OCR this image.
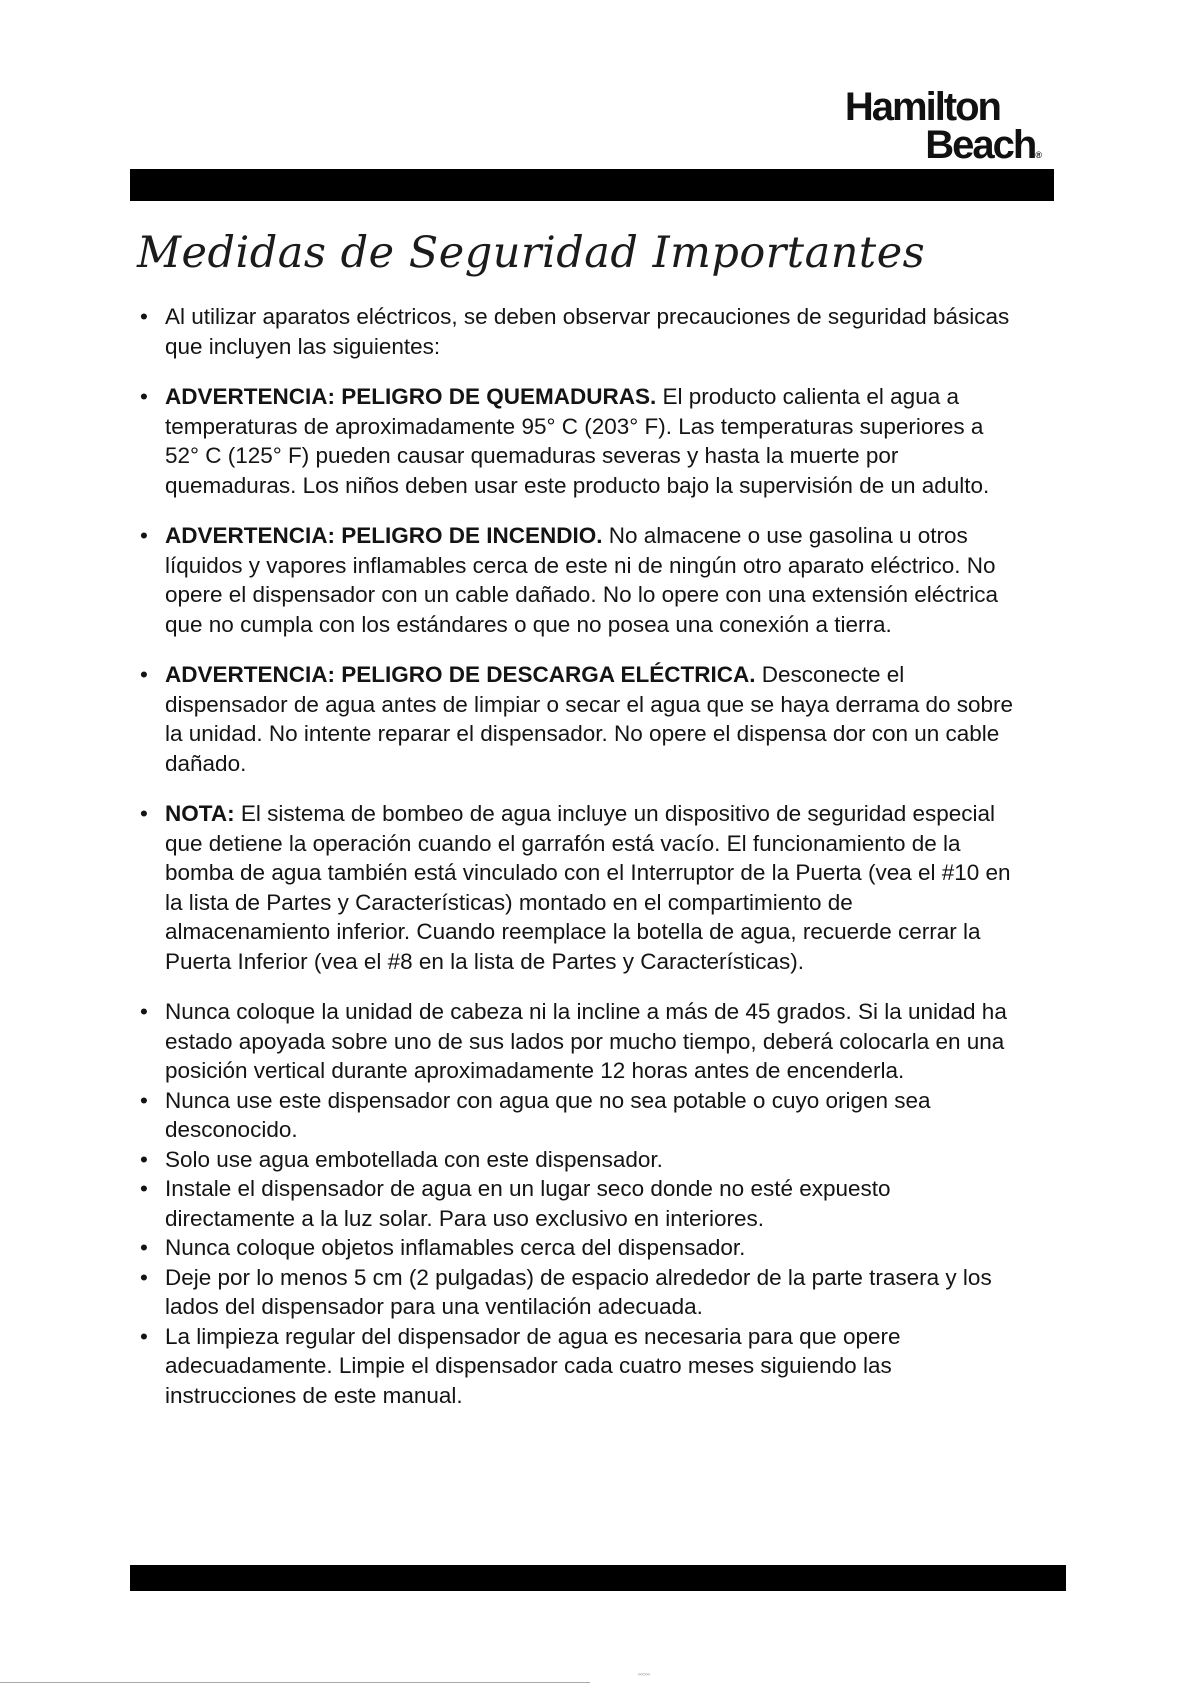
Hamilton
Beach®
Medidas de Seguridad Importantes
• Al utilizar aparatos eléctricos, se deben observar precauciones de seguridad básicas que incluyen las siguientes:
• ADVERTENCIA: PELIGRO DE QUEMADURAS. El producto calienta el agua a temperaturas de aproximadamente 95° C (203° F). Las temperaturas superiores a 52° C (125° F) pueden causar quemaduras severas y hasta la muerte por quemaduras. Los niños deben usar este producto bajo la supervisión de un adulto.
• ADVERTENCIA: PELIGRO DE INCENDIO. No almacene o use gasolina u otros líquidos y vapores inflamables cerca de este ni de ningún otro aparato eléctrico. No opere el dispensador con un cable dañado. No lo opere con una extensión eléctrica que no cumpla con los estándares o que no posea una conexión a tierra.
• ADVERTENCIA: PELIGRO DE DESCARGA ELÉCTRICA. Desconecte el dispensador de agua antes de limpiar o secar el agua que se haya derrama do sobre la unidad. No intente reparar el dispensador. No opere el dispensa dor con un cable dañado.
• NOTA: El sistema de bombeo de agua incluye un dispositivo de seguridad especial que detiene la operación cuando el garrafón está vacío. El funcionamiento de la bomba de agua también está vinculado con el Interruptor de la Puerta (vea el #10 en la lista de Partes y Características) montado en el compartimiento de almacenamiento inferior. Cuando reemplace la botella de agua, recuerde cerrar la Puerta Inferior (vea el #8 en la lista de Partes y Características).
• Nunca coloque la unidad de cabeza ni la incline a más de 45 grados. Si la unidad ha estado apoyada sobre uno de sus lados por mucho tiempo, deberá colocarla en una posición vertical durante aproximadamente 12 horas antes de encenderla.
• Nunca use este dispensador con agua que no sea potable o cuyo origen sea desconocido.
• Solo use agua embotellada con este dispensador.
• Instale el dispensador de agua en un lugar seco donde no esté expuesto directamente a la luz solar. Para uso exclusivo en interiores.
• Nunca coloque objetos inflamables cerca del dispensador.
• Deje por lo menos 5 cm (2 pulgadas) de espacio alrededor de la parte trasera y los lados del dispensador para una ventilación adecuada.
• La limpieza regular del dispensador de agua es necesaria para que opere adecuadamente. Limpie el dispensador cada cuatro meses siguiendo las instrucciones de este manual.
‹‹‹›››
